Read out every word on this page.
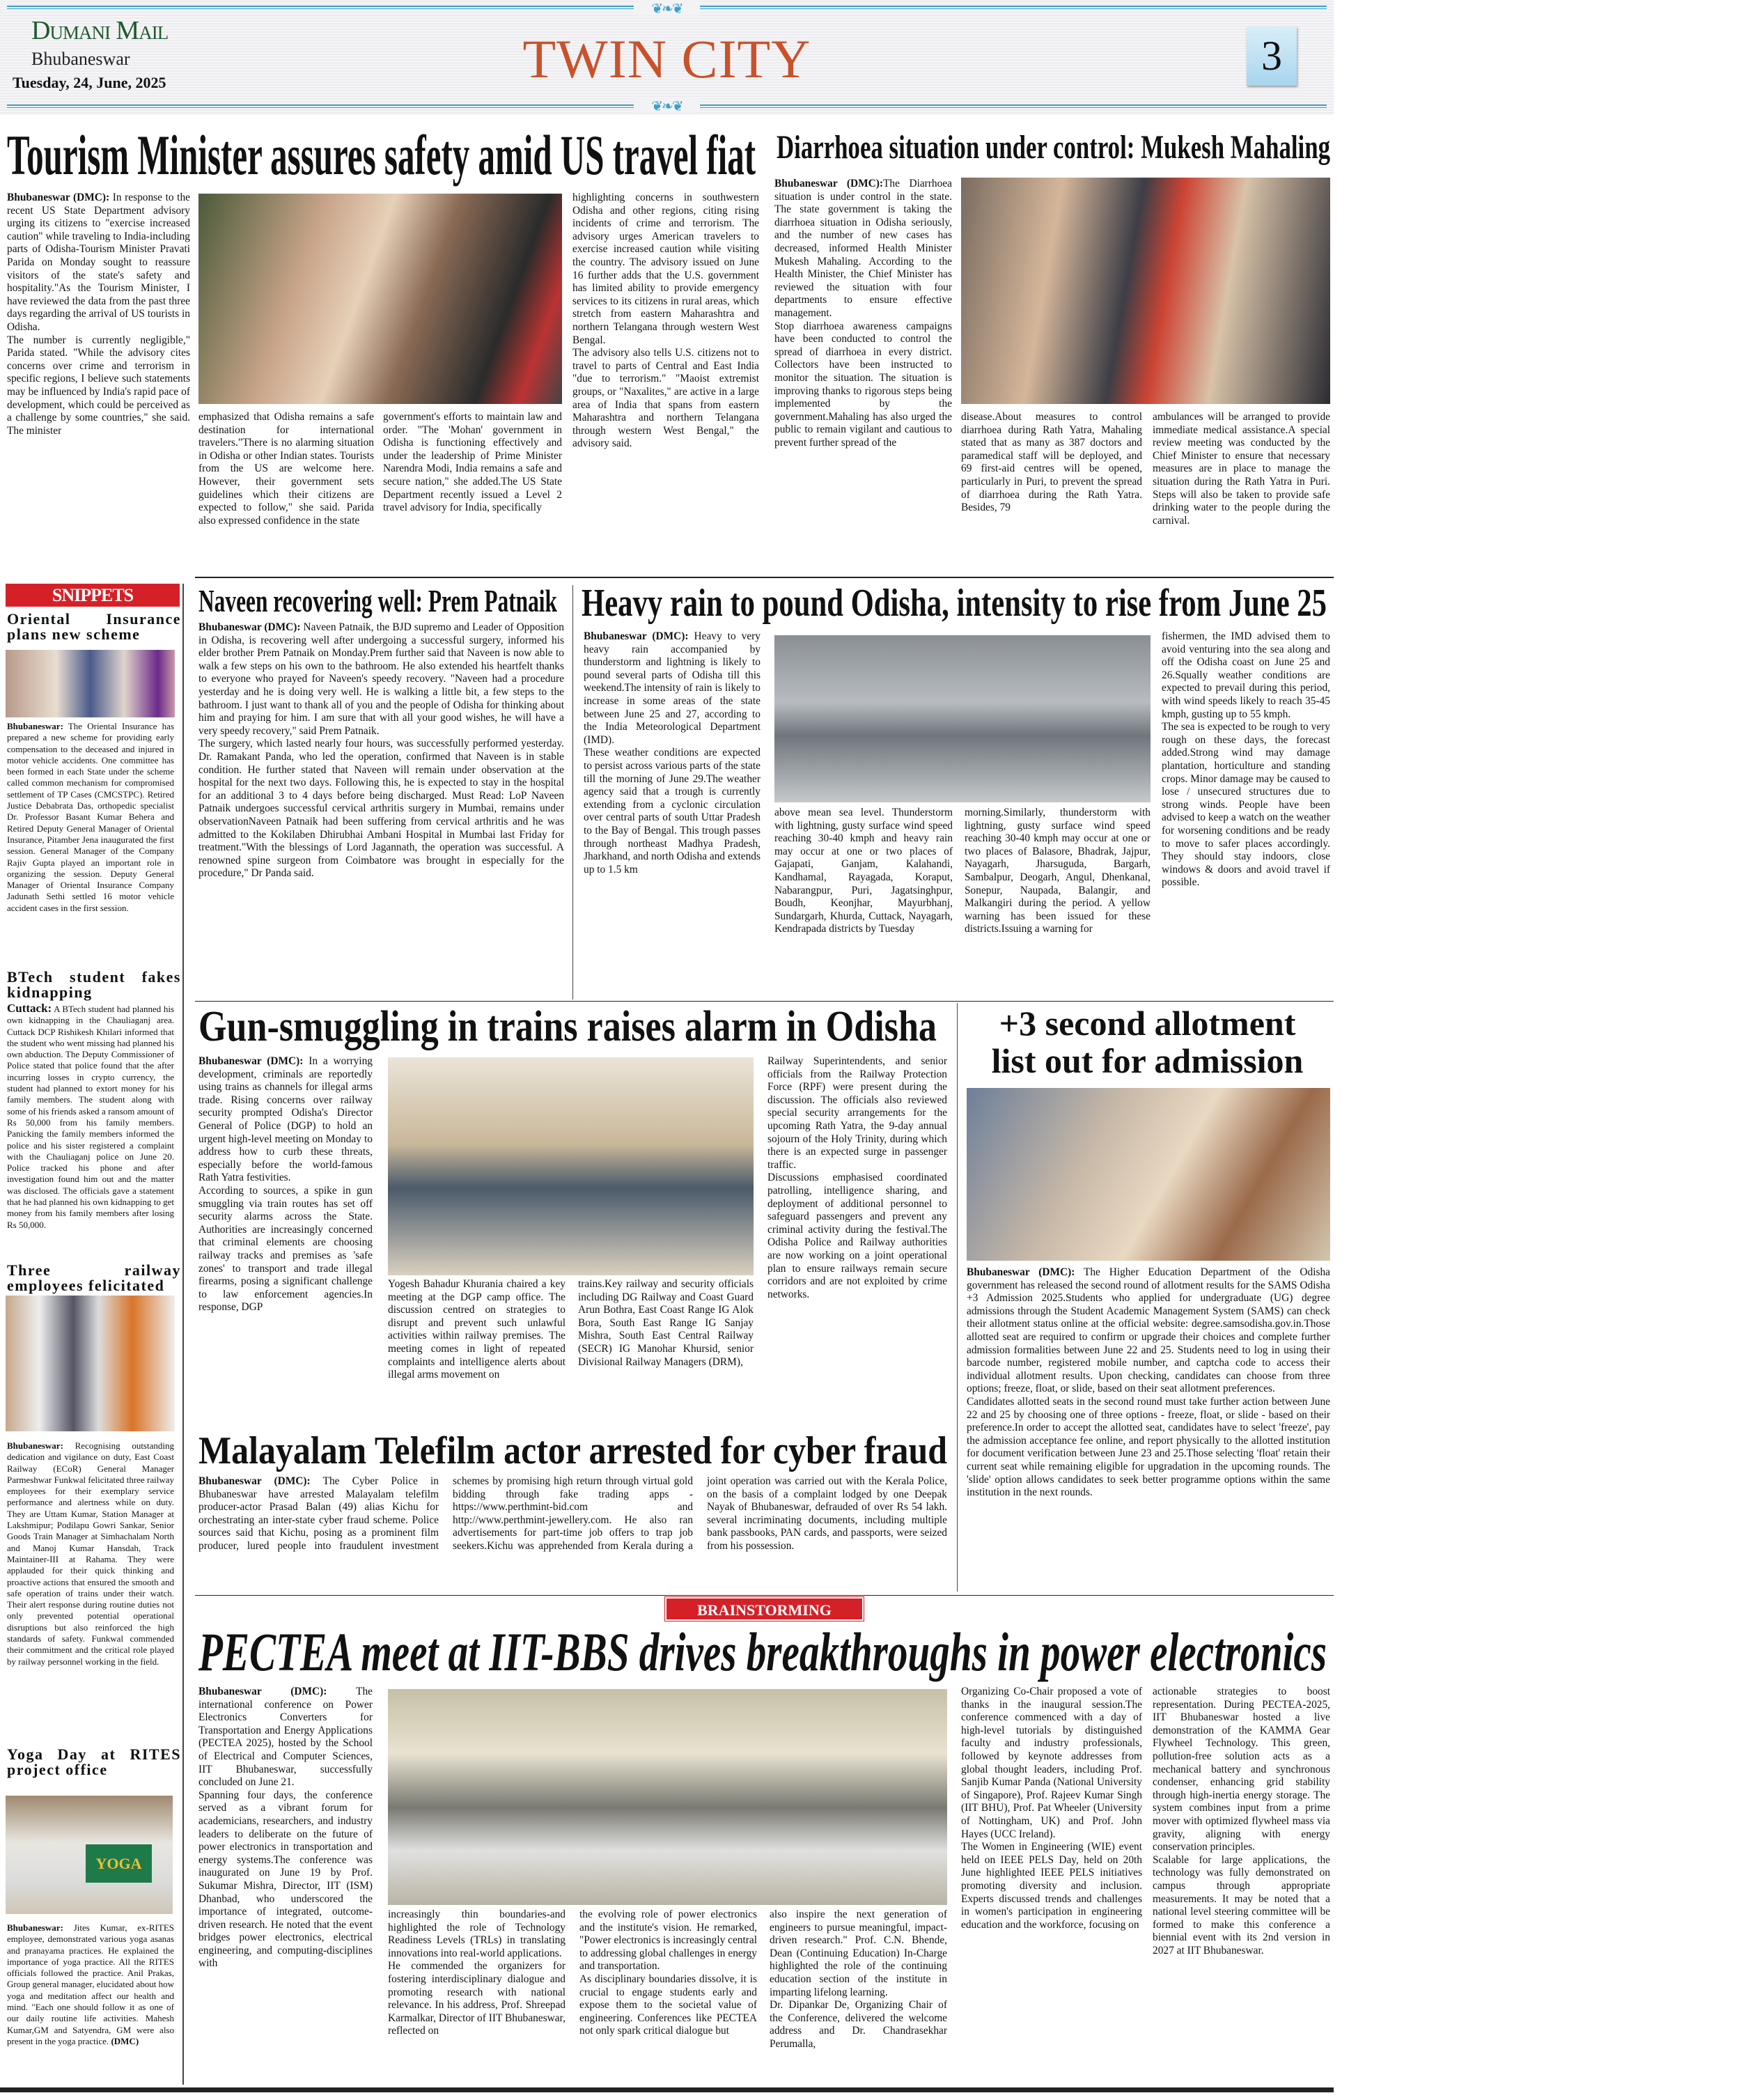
❦❧❦
Dumani Mail
Bhubaneswar
Tuesday, 24, June, 2025	TWIN CITY	3
❦❧❦
Tourism Minister assures safety amid US travel fiat
Bhubaneswar (DMC): In response to the recent US State Department advisory urging its citizens to "exercise increased caution" while traveling to India-including parts of Odisha-Tourism Minister Pravati Parida on Monday sought to reassure visitors of the state's safety and hospitality."As the Tourism Minister, I have reviewed the data from the past three days regarding the arrival of US tourists in Odisha.
The number is currently negligible," Parida stated. "While the advisory cites concerns over crime and terrorism in specific regions, I believe such statements may be influenced by India's rapid pace of development, which could be perceived as a challenge by some countries," she said. The minister
emphasized that Odisha remains a safe destination for international travelers."There is no alarming situation in Odisha or other Indian states. Tourists from the US are welcome here. However, their government sets guidelines which their citizens are expected to follow," she said. Parida also expressed confidence in the state
government's efforts to maintain law and order. "The 'Mohan' government in Odisha is functioning effectively and under the leadership of Prime Minister Narendra Modi, India remains a safe and secure nation," she added.The US State Department recently issued a Level 2 travel advisory for India, specifically
highlighting concerns in southwestern Odisha and other regions, citing rising incidents of crime and terrorism. The advisory urges American travelers to exercise increased caution while visiting the country. The advisory issued on June 16 further adds that the U.S. government has limited ability to provide emergency services to its citizens in rural areas, which stretch from eastern Maharashtra and northern Telangana through western West Bengal.
The advisory also tells U.S. citizens not to travel to parts of Central and East India "due to terrorism." "Maoist extremist groups, or "Naxalites," are active in a large area of India that spans from eastern Maharashtra and northern Telangana through western West Bengal," the advisory said.
Diarrhoea situation under control: Mukesh Mahaling
Bhubaneswar (DMC):The Diarrhoea situation is under control in the state. The state government is taking the diarrhoea situation in Odisha seriously, and the number of new cases has decreased, informed Health Minister Mukesh Mahaling. According to the Health Minister, the Chief Minister has reviewed the situation with four departments to ensure effective management.
Stop diarrhoea awareness campaigns have been conducted to control the spread of diarrhoea in every district. Collectors have been instructed to monitor the situation. The situation is improving thanks to rigorous steps being implemented by the government.Mahaling has also urged the public to remain vigilant and cautious to prevent further spread of the
disease.About measures to control diarrhoea during Rath Yatra, Mahaling stated that as many as 387 doctors and paramedical staff will be deployed, and 69 first-aid centres will be opened, particularly in Puri, to prevent the spread of diarrhoea during the Rath Yatra. Besides, 79
ambulances will be arranged to provide immediate medical assistance.A special review meeting was conducted by the Chief Minister to ensure that necessary measures are in place to manage the situation during the Rath Yatra in Puri. Steps will also be taken to provide safe drinking water to the people during the carnival.
SNIPPETS
Oriental Insurance plans new scheme
Bhubaneswar: The Oriental Insurance has prepared a new scheme for providing early compensation to the deceased and injured in motor vehicle accidents. One committee has been formed in each State under the scheme called common mechanism for compromised settlement of TP Cases (CMCSTPC). Retired Justice Debabrata Das, orthopedic specialist Dr. Professor Basant Kumar Behera and Retired Deputy General Manager of Oriental Insurance, Pitamber Jena inaugurated the first session. General Manager of the Company Rajiv Gupta played an important role in organizing the session. Deputy General Manager of Oriental Insurance Company Jadunath Sethi settled 16 motor vehicle accident cases in the first session.
BTech student fakes kidnapping
Cuttack: A BTech student had planned his own kidnapping in the Chauliaganj area. Cuttack DCP Rishikesh Khilari informed that the student who went missing had planned his own abduction. The Deputy Commissioner of Police stated that police found that the after incurring losses in crypto currency, the student had planned to extort money for his family members. The student along with some of his friends asked a ransom amount of Rs 50,000 from his family members. Panicking the family members informed the police and his sister registered a complaint with the Chauliaganj police on June 20. Police tracked his phone and after investigation found him out and the matter was disclosed. The officials gave a statement that he had planned his own kidnapping to get money from his family members after losing Rs 50,000.
Three railway employees felicitated
Bhubaneswar: Recognising outstanding dedication and vigilance on duty, East Coast Railway (ECoR) General Manager Parmeshwar Funkwal felicitated three railway employees for their exemplary service performance and alertness while on duty. They are Uttam Kumar, Station Manager at Lakshmipur; Podilapu Gowri Sankar, Senior Goods Train Manager at Simhachalam North and Manoj Kumar Hansdah, Track Maintainer-III at Rahama. They were applauded for their quick thinking and proactive actions that ensured the smooth and safe operation of trains under their watch. Their alert response during routine duties not only prevented potential operational disruptions but also reinforced the high standards of safety. Funkwal commended their commitment and the critical role played by railway personnel working in the field.
Yoga Day at RITES project office
YOGA
Bhubaneswar: Jites Kumar, ex-RITES employee, demonstrated various yoga asanas and pranayama practices. He explained the importance of yoga practice. All the RITES officials followed the practice. Anil Prakas, Group general manager, elucidated about how yoga and meditation affect our health and mind. "Each one should follow it as one of our daily routine life activities. Mahesh Kumar,GM and Satyendra, GM were also present in the yoga practice. (DMC)
Naveen recovering well: Prem Patnaik
Bhubaneswar (DMC): Naveen Patnaik, the BJD supremo and Leader of Opposition in Odisha, is recovering well after undergoing a successful surgery, informed his elder brother Prem Patnaik on Monday.Prem further said that Naveen is now able to walk a few steps on his own to the bathroom. He also extended his heartfelt thanks to everyone who prayed for Naveen's speedy recovery. "Naveen had a procedure yesterday and he is doing very well. He is walking a little bit, a few steps to the bathroom. I just want to thank all of you and the people of Odisha for thinking about him and praying for him. I am sure that with all your good wishes, he will have a very speedy recovery," said Prem Patnaik.
The surgery, which lasted nearly four hours, was successfully performed yesterday. Dr. Ramakant Panda, who led the operation, confirmed that Naveen is in stable condition. He further stated that Naveen will remain under observation at the hospital for the next two days. Following this, he is expected to stay in the hospital for an additional 3 to 4 days before being discharged. Must Read: LoP Naveen Patnaik undergoes successful cervical arthritis surgery in Mumbai, remains under observationNaveen Patnaik had been suffering from cervical arthritis and he was admitted to the Kokilaben Dhirubhai Ambani Hospital in Mumbai last Friday for treatment."With the blessings of Lord Jagannath, the operation was successful. A renowned spine surgeon from Coimbatore was brought in especially for the procedure," Dr Panda said.
Heavy rain to pound Odisha, intensity to rise from June 25
Bhubaneswar (DMC): Heavy to very heavy rain accompanied by thunderstorm and lightning is likely to pound several parts of Odisha till this weekend.The intensity of rain is likely to increase in some areas of the state between June 25 and 27, according to the India Meteorological Department (IMD).
These weather conditions are expected to persist across various parts of the state till the morning of June 29.The weather agency said that a trough is currently extending from a cyclonic circulation over central parts of south Uttar Pradesh to the Bay of Bengal. This trough passes through northeast Madhya Pradesh, Jharkhand, and north Odisha and extends up to 1.5 km
above mean sea level. Thunderstorm with lightning, gusty surface wind speed reaching 30-40 kmph and heavy rain may occur at one or two places of Gajapati, Ganjam, Kalahandi, Kandhamal, Rayagada, Koraput, Nabarangpur, Puri, Jagatsinghpur, Boudh, Keonjhar, Mayurbhanj, Sundargarh, Khurda, Cuttack, Nayagarh, Kendrapada districts by Tuesday
morning.Similarly, thunderstorm with lightning, gusty surface wind speed reaching 30-40 kmph may occur at one or two places of Balasore, Bhadrak, Jajpur, Nayagarh, Jharsuguda, Bargarh, Sambalpur, Deogarh, Angul, Dhenkanal, Sonepur, Naupada, Balangir, and Malkangiri during the period. A yellow warning has been issued for these districts.Issuing a warning for
fishermen, the IMD advised them to avoid venturing into the sea along and off the Odisha coast on June 25 and 26.Squally weather conditions are expected to prevail during this period, with wind speeds likely to reach 35-45 kmph, gusting up to 55 kmph.
The sea is expected to be rough to very rough on these days, the forecast added.Strong wind may damage plantation, horticulture and standing crops. Minor damage may be caused to lose / unsecured structures due to strong winds. People have been advised to keep a watch on the weather for worsening conditions and be ready to move to safer places accordingly. They should stay indoors, close windows & doors and avoid travel if possible.
Gun-smuggling in trains raises alarm in Odisha
Bhubaneswar (DMC): In a worrying development, criminals are reportedly using trains as channels for illegal arms trade. Rising concerns over railway security prompted Odisha's Director General of Police (DGP) to hold an urgent high-level meeting on Monday to address how to curb these threats, especially before the world-famous Rath Yatra festivities.
According to sources, a spike in gun smuggling via train routes has set off security alarms across the State. Authorities are increasingly concerned that criminal elements are choosing railway tracks and premises as 'safe zones' to transport and trade illegal firearms, posing a significant challenge to law enforcement agencies.In response, DGP
Yogesh Bahadur Khurania chaired a key meeting at the DGP camp office. The discussion centred on strategies to disrupt and prevent such unlawful activities within railway premises. The meeting comes in light of repeated complaints and intelligence alerts about illegal arms movement on
trains.Key railway and security officials including DG Railway and Coast Guard Arun Bothra, East Coast Range IG Alok Bora, South East Range IG Sanjay Mishra, South East Central Railway (SECR) IG Manohar Khursid, senior Divisional Railway Managers (DRM),
Railway Superintendents, and senior officials from the Railway Protection Force (RPF) were present during the discussion. The officials also reviewed special security arrangements for the upcoming Rath Yatra, the 9-day annual sojourn of the Holy Trinity, during which there is an expected surge in passenger traffic.
Discussions emphasised coordinated patrolling, intelligence sharing, and deployment of additional personnel to safeguard passengers and prevent any criminal activity during the festival.The Odisha Police and Railway authorities are now working on a joint operational plan to ensure railways remain secure corridors and are not exploited by crime networks.
+3 second allotment
list out for admission
Bhubaneswar (DMC): The Higher Education Department of the Odisha government has released the second round of allotment results for the SAMS Odisha +3 Admission 2025.Students who applied for undergraduate (UG) degree admissions through the Student Academic Management System (SAMS) can check their allotment status online at the official website: degree.samsodisha.gov.in.Those allotted seat are required to confirm or upgrade their choices and complete further admission formalities between June 22 and 25. Students need to log in using their barcode number, registered mobile number, and captcha code to access their individual allotment results. Upon checking, candidates can choose from three options; freeze, float, or slide, based on their seat allotment preferences.
Candidates allotted seats in the second round must take further action between June 22 and 25 by choosing one of three options - freeze, float, or slide - based on their preference.In order to accept the allotted seat, candidates have to select 'freeze', pay the admission acceptance fee online, and report physically to the allotted institution for document verification between June 23 and 25.Those selecting 'float' retain their current seat while remaining eligible for upgradation in the upcoming rounds. The 'slide' option allows candidates to seek better programme options within the same institution in the next rounds.
Malayalam Telefilm actor arrested for cyber fraud
Bhubaneswar (DMC): The Cyber Police in Bhubaneswar have arrested Malayalam telefilm producer-actor Prasad Balan (49) alias Kichu for orchestrating an inter-state cyber fraud scheme. Police sources said that Kichu, posing as a prominent film producer, lured people into fraudulent investment schemes by promising high return through virtual gold bidding through fake trading apps - https://www.perthmint-bid.com and http://www.perthmint-jewellery.com. He also ran advertisements for part-time job offers to trap job seekers.Kichu was apprehended from Kerala during a joint operation was carried out with the Kerala Police, on the basis of a complaint lodged by one Deepak Nayak of Bhubaneswar, defrauded of over Rs 54 lakh. several incriminating documents, including multiple bank passbooks, PAN cards, and passports, were seized from his possession.
BRAINSTORMING
PECTEA meet at IIT-BBS drives breakthroughs in power electronics
Bhubaneswar (DMC):	The international conference on Power Electronics Converters for Transportation and Energy Applications (PECTEA 2025), hosted by the School of Electrical and Computer Sciences, IIT Bhubaneswar, successfully concluded on June 21.
Spanning four days, the conference served as a vibrant forum for academicians, researchers, and industry leaders to deliberate on the future of power electronics in transportation and energy systems.The conference was inaugurated on June 19 by Prof. Sukumar Mishra, Director, IIT (ISM) Dhanbad, who underscored the importance of integrated, outcome-driven research. He noted that the event bridges power electronics, electrical engineering, and computing-disciplines with
increasingly thin boundaries-and highlighted the role of Technology Readiness Levels (TRLs) in translating innovations into real-world applications.
He commended the organizers for fostering interdisciplinary dialogue and promoting research with national relevance. In his address, Prof. Shreepad Karmalkar, Director of IIT Bhubaneswar, reflected on
the evolving role of power electronics and the institute's vision. He remarked, "Power electronics is increasingly central to addressing global challenges in energy and transportation.
As disciplinary boundaries dissolve, it is crucial to engage students early and expose them to the societal value of engineering. Conferences like PECTEA not only spark critical dialogue but
also inspire the next generation of engineers to pursue meaningful, impact-driven research." Prof. C.N. Bhende, Dean (Continuing Education) In-Charge highlighted the role of the continuing education section of the institute in imparting lifelong learning.
Dr. Dipankar De, Organizing Chair of the Conference, delivered the welcome address and Dr. Chandrasekhar Perumalla,
Organizing Co-Chair proposed a vote of thanks in the inaugural session.The conference commenced with a day of high-level tutorials by distinguished faculty and industry professionals, followed by keynote addresses from global thought leaders, including Prof. Sanjib Kumar Panda (National University of Singapore), Prof. Rajeev Kumar Singh (IIT BHU), Prof. Pat Wheeler (University of Nottingham, UK) and Prof. John Hayes (UCC Ireland).
The Women in Engineering (WIE) event held on IEEE PELS Day, held on 20th June highlighted IEEE PELS initiatives promoting diversity and inclusion. Experts discussed trends and challenges in women's participation in engineering education and the workforce, focusing on
actionable strategies to boost representation. During PECTEA-2025, IIT Bhubaneswar hosted a live demonstration of the KAMMA Gear Flywheel Technology. This green, pollution-free solution acts as a mechanical battery and synchronous condenser, enhancing grid stability through high-inertia energy storage. The system combines input from a prime mover with optimized flywheel mass via gravity, aligning with energy conservation principles.
Scalable for large applications, the technology was fully demonstrated on campus through appropriate measurements. It may be noted that a national level steering committee will be formed to make this conference a biennial event with its 2nd version in 2027 at IIT Bhubaneswar.
